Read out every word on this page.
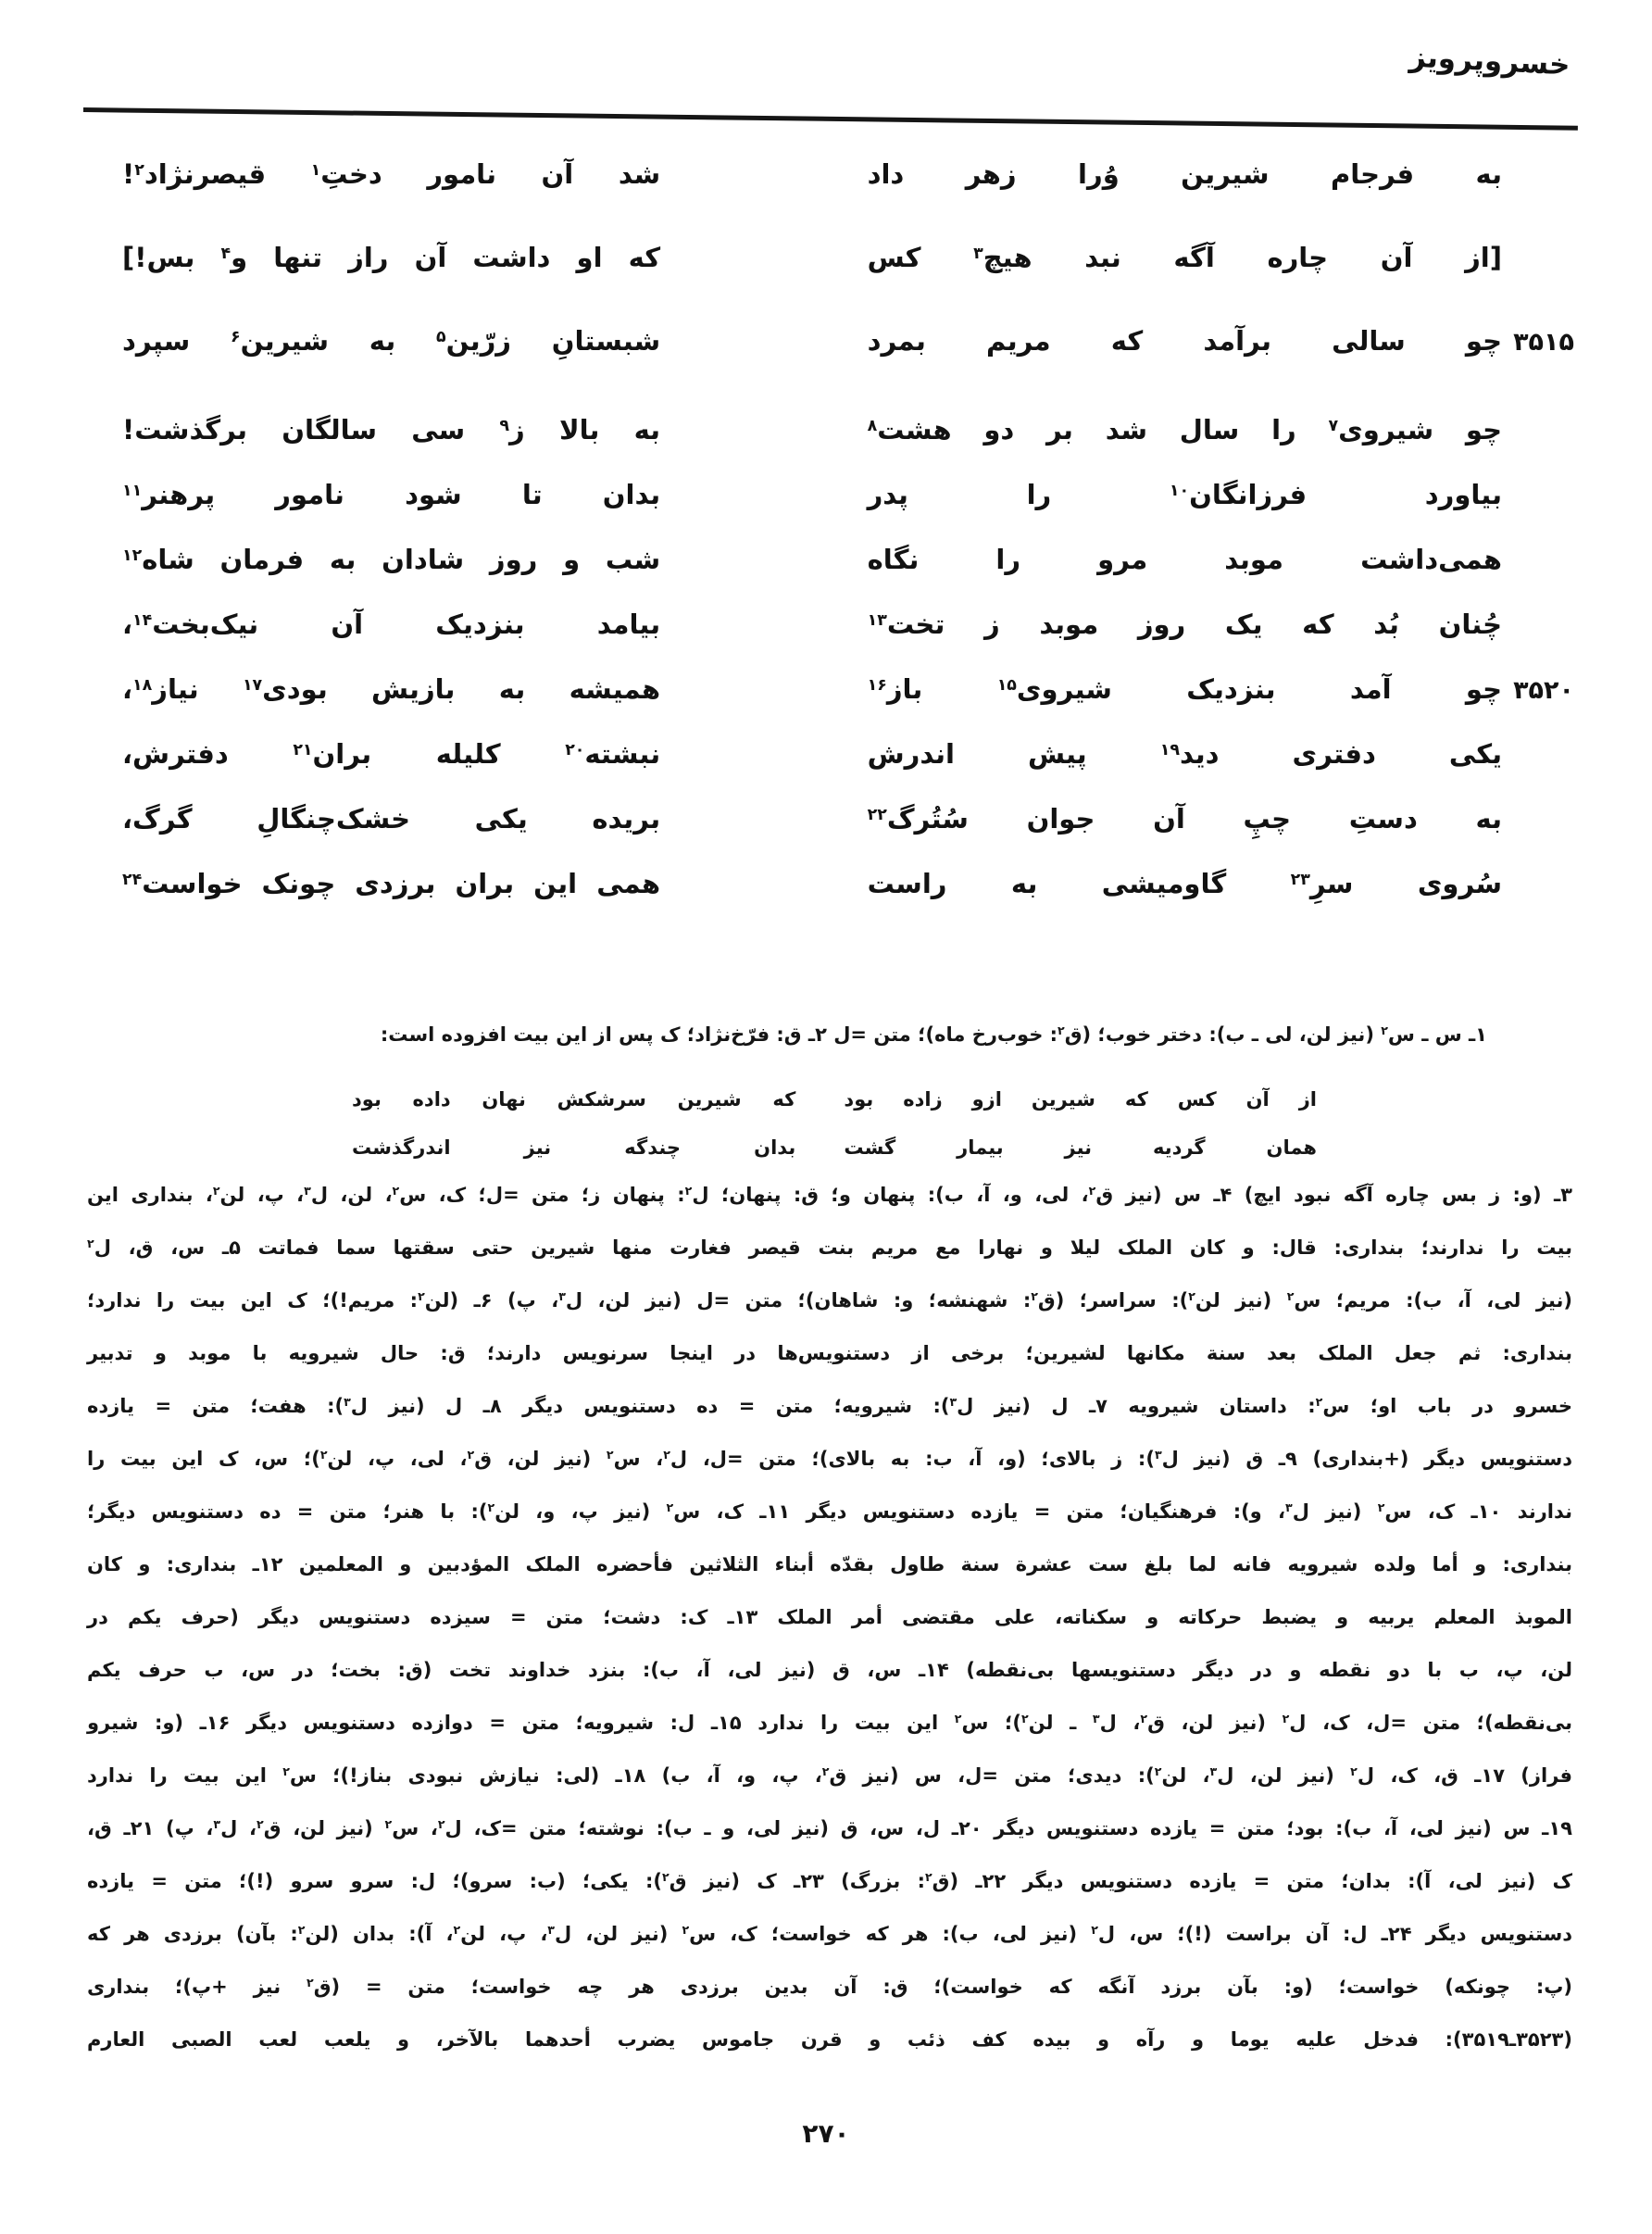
خسروپرویز
به فرجام شیرین وُرا زهر داد
شد آن نامور دختِ$^۱$ قیصرنژاد$^۲$!
[از آن چاره آگه نبد هیچ$^۳$ کس
که او داشت آن راز تنها و$^۴$ بس!]
۳۵۱۵
چو سالی برآمد که مریم بمرد
شبستانِ زرّین$^۵$ به شیرین$^۶$ سپرد
چو شیروی$^۷$ را سال شد بر دو هشت$^۸$
به بالا ز$^۹$ سی سالگان برگذشت!
بیاورد فرزانگان$^{۱۰}$ را پدر
بدان تا شود نامور پرهنر$^{۱۱}$
همی‌داشت موبد مرو را نگاه
شب و روز شادان به فرمان شاه$^{۱۲}$
چُنان بُد که یک روز موبد ز تخت$^{۱۳}$
بیامد بنزدیک آن نیک‌بخت$^{۱۴}$،
۳۵۲۰
چو آمد بنزدیک شیروی$^{۱۵}$ باز$^{۱۶}$
همیشه به بازیش بودی$^{۱۷}$ نیاز$^{۱۸}$،
یکی دفتری دید$^{۱۹}$ پیش اندرش
نبشته$^{۲۰}$ کلیله بران$^{۲۱}$ دفترش،
به دستِ چپِ آن جوان سُتُرگ$^{۲۲}$
بریده یکی خشک‌چنگالِ گرگ،
سُروی سرِ$^{۲۳}$ گاومیشی به راست
همی این بران برزدی چونک خواست$^{۲۴}$
۱ـ س ـ س$^۲$ (نیز لن، لی ـ ب): دختر خوب؛ (ق$^۲$: خوب‌رخ ماه)؛ متن =ل ۲ـ ق: فرّخ‌نژاد؛ ک پس از این بیت افزوده است:
از آن کس که شیرین ازو زاده بود
که شیرین سرشکش نهان داده بود
همان گردیه نیز بیمار گشت
بدان چندگه نیز اندرگذشت
۳ـ (و: ز بس چاره آگه نبود ایچ) ۴ـ س (نیز ق$^۲$، لی، و، آ، ب): پنهان و؛ ق: پنهان؛ ل$^۲$: پنهان ز؛ متن =ل؛ ک، س$^۲$، لن، ل$^۳$، پ، لن$^۲$، بنداری این
بیت را ندارند؛ بنداری: قال: و کان الملک لیلا و نهارا مع مریم بنت قیصر فغارت منها شیرین حتی سقتها سما فماتت ۵ـ س، ق، ل$^۲$
(نیز لی، آ، ب): مریم؛ س$^۲$ (نیز لن$^۲$): سراسر؛ (ق$^۲$: شهنشه؛ و: شاهان)؛ متن =ل (نیز لن، ل$^۳$، پ) ۶ـ (لن$^۲$: مریم!)؛ ک این بیت را ندارد؛
بنداری: ثم جعل الملک بعد سنة مکانها لشیرین؛ برخی از دستنویس‌ها در اینجا سرنویس دارند؛ ق: حال شیرویه با موبد و تدبیر
خسرو در باب او؛ س$^۲$: داستان شیرویه ۷ـ ل (نیز ل$^۳$): شیرویه؛ متن = ده دستنویس دیگر ۸ـ ل (نیز ل$^۳$): هفت؛ متن = یازده
دستنویس دیگر (+بنداری) ۹ـ ق (نیز ل$^۳$): ز بالای؛ (و، آ، ب: به بالای)؛ متن =ل، ل$^۲$، س$^۲$ (نیز لن، ق$^۲$، لی، پ، لن$^۲$)؛ س، ک این بیت را
ندارند ۱۰ـ ک، س$^۲$ (نیز ل$^۳$، و): فرهنگیان؛ متن = یازده دستنویس دیگر ۱۱ـ ک، س$^۲$ (نیز پ، و، لن$^۲$): با هنر؛ متن = ده دستنویس دیگر؛
بنداری: و أما ولده شیرویه فانه لما بلغ ست عشرة سنة طاول بقدّه أبناء الثلاثین فأحضره الملک المؤدبین و المعلمین ۱۲ـ بنداری: و کان
الموبذ المعلم یربیه و یضبط حرکاته و سکناته، علی مقتضی أمر الملک ۱۳ـ ک: دشت؛ متن = سیزده دستنویس دیگر (حرف یکم در
لن، پ، ب با دو نقطه و در دیگر دستنویسها بی‌نقطه) ۱۴ـ س، ق (نیز لی، آ، ب): بنزد خداوند تخت (ق: بخت؛ در س، ب حرف یکم
بی‌نقطه)؛ متن =ل، ک، ل$^۲$ (نیز لن، ق$^۲$، ل$^۳$ ـ لن$^۲$)؛ س$^۲$ این بیت را ندارد ۱۵ـ ل: شیرویه؛ متن = دوازده دستنویس دیگر ۱۶ـ (و: شیرو
فراز) ۱۷ـ ق، ک، ل$^۲$ (نیز لن، ل$^۳$، لن$^۲$): دیدی؛ متن =ل، س (نیز ق$^۲$، پ، و، آ، ب) ۱۸ـ (لی: نیازش نبودی بناز!)؛ س$^۲$ این بیت را ندارد
۱۹ـ س (نیز لی، آ، ب): بود؛ متن = یازده دستنویس دیگر ۲۰ـ ل، س، ق (نیز لی، و ـ ب): نوشته؛ متن =ک، ل$^۲$، س$^۲$ (نیز لن، ق$^۲$، ل$^۳$، پ) ۲۱ـ ق،
ک (نیز لی، آ): بدان؛ متن = یازده دستنویس دیگر ۲۲ـ (ق$^۲$: بزرگ) ۲۳ـ ک (نیز ق$^۲$): یکی؛ (ب: سرو)؛ ل: سرو سرو (!)؛ متن = یازده
دستنویس دیگر ۲۴ـ ل: آن براست (!)؛ س، ل$^۲$ (نیز لی، ب): هر که خواست؛ ک، س$^۲$ (نیز لن، ل$^۳$، پ، لن$^۲$، آ): بدان (لن$^۲$: بآن) برزدی هر که
(پ: چونکه) خواست؛ (و: بآن برزد آنگه که خواست)؛ ق: آن بدین برزدی هر چه خواست؛ متن = (ق$^۲$ نیز +پ)؛ بنداری
(۳۵۲۳ـ۳۵۱۹): فدخل علیه یوما و رآه و بیده کف ذئب و قرن جاموس یضرب أحدهما بالآخر، و یلعب لعب الصبی العارم
۲۷۰
